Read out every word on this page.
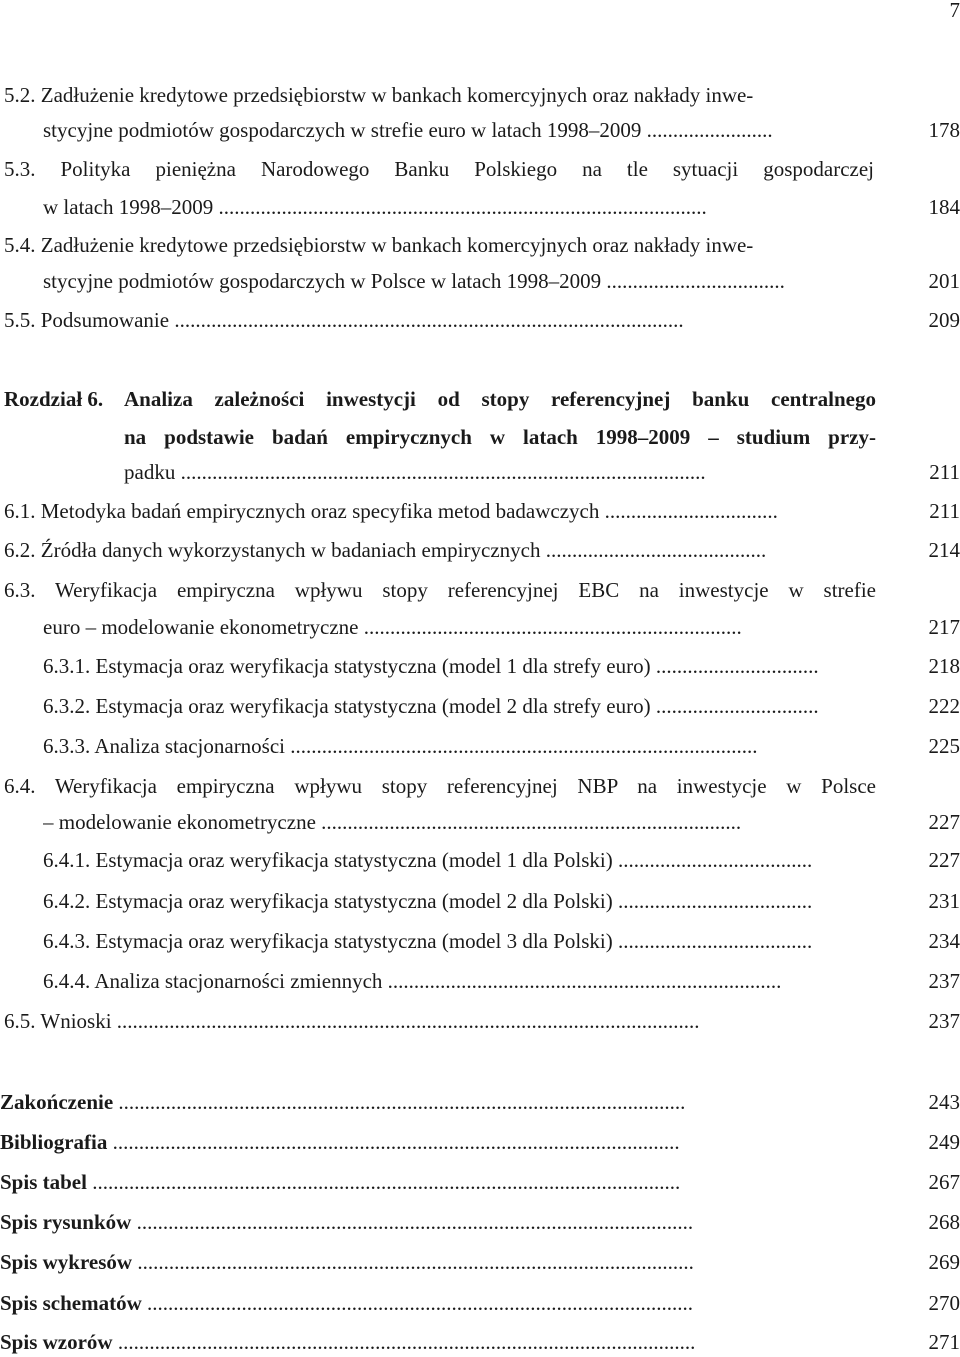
7
5.2. Zadłużenie kredytowe przedsiębiorstw w bankach komercyjnych oraz nakłady inwe-
stycyjne podmiotów gospodarczych w strefie euro w latach 1998–2009 ........................	178
5.3. Polityka pieniężna Narodowego Banku Polskiego na tle sytuacji gospodarczej
w latach 1998–2009 .............................................................................................	184
5.4. Zadłużenie kredytowe przedsiębiorstw w bankach komercyjnych oraz nakłady inwe-
stycyjne podmiotów gospodarczych w Polsce w latach 1998–2009 ..................................	201
5.5. Podsumowanie .................................................................................................	209
Rozdział 6. Analiza zależności inwestycji od stopy referencyjnej banku centralnego
na podstawie badań empirycznych w latach 1998–2009 – studium przy-
padku ....................................................................................................	211
6.1. Metodyka badań empirycznych oraz specyfika metod badawczych .................................	211
6.2. Źródła danych wykorzystanych w badaniach empirycznych ..........................................	214
6.3. Weryfikacja empiryczna wpływu stopy referencyjnej EBC na inwestycje w strefie
euro – modelowanie ekonometryczne ........................................................................	217
6.3.1. Estymacja oraz weryfikacja statystyczna (model 1 dla strefy euro) ...............................	218
6.3.2. Estymacja oraz weryfikacja statystyczna (model 2 dla strefy euro) ...............................	222
6.3.3. Analiza stacjonarności .........................................................................................	225
6.4. Weryfikacja empiryczna wpływu stopy referencyjnej NBP na inwestycje w Polsce
– modelowanie ekonometryczne ................................................................................	227
6.4.1. Estymacja oraz weryfikacja statystyczna (model 1 dla Polski) .....................................	227
6.4.2. Estymacja oraz weryfikacja statystyczna (model 2 dla Polski) .....................................	231
6.4.3. Estymacja oraz weryfikacja statystyczna (model 3 dla Polski) .....................................	234
6.4.4. Analiza stacjonarności zmiennych ...........................................................................	237
6.5. Wnioski ...............................................................................................................	237
Zakończenie ............................................................................................................	243
Bibliografia ............................................................................................................	249
Spis tabel ................................................................................................................	267
Spis rysunków ..........................................................................................................	268
Spis wykresów ..........................................................................................................	269
Spis schematów ........................................................................................................	270
Spis wzorów ..............................................................................................................	271
